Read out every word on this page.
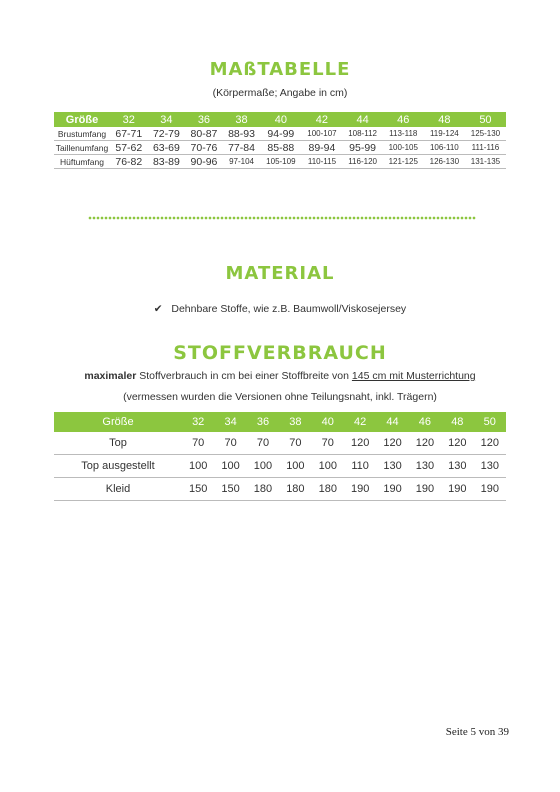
MAßTABELLE
(Körpermaße; Angabe in cm)
Größe	32	34	36	38	40	42	44	46	48	50
Brustumfang	67-71	72-79	80-87	88-93	94-99	100-107	108-112	113-118	119-124	125-130
Taillenumfang	57-62	63-69	70-76	77-84	85-88	89-94	95-99	100-105	106-110	111-116
Hüftumfang	76-82	83-89	90-96	97-104	105-109	110-115	116-120	121-125	126-130	131-135
MATERIAL
✔ Dehnbare Stoffe, wie z.B. Baumwoll/Viskosejersey
STOFFVERBRAUCH
maximaler Stoffverbrauch in cm bei einer Stoffbreite von 145 cm mit Musterrichtung
(vermessen wurden die Versionen ohne Teilungsnaht, inkl. Trägern)
Größe	32	34	36	38	40	42	44	46	48	50
Top	70	70	70	70	70	120	120	120	120	120
Top ausgestellt	100	100	100	100	100	110	130	130	130	130
Kleid	150	150	180	180	180	190	190	190	190	190
Seite 5 von 39
